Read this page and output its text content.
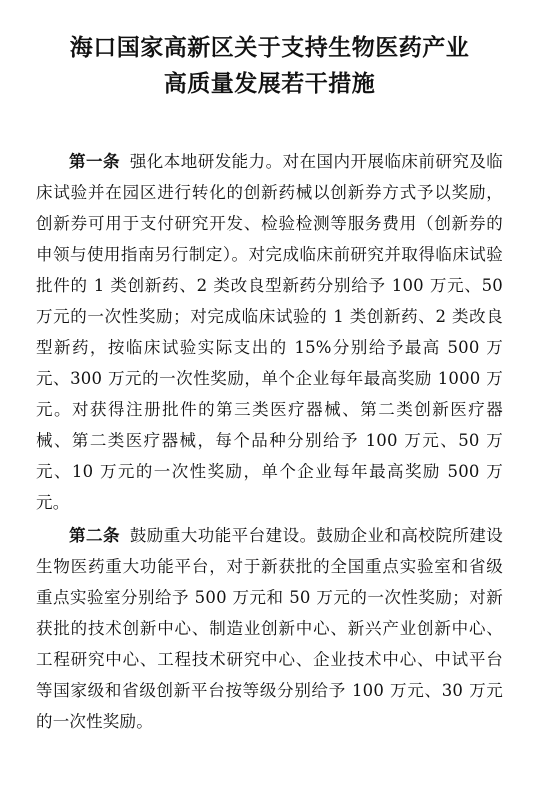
海口国家高新区关于支持生物医药产业
高质量发展若干措施

第一条 强化本地研发能力。对在国内开展临床前研究及临床试验并在园区进行转化的创新药械以创新券方式予以奖励，创新券可用于支付研究开发、检验检测等服务费用（创新券的申领与使用指南另行制定）。对完成临床前研究并取得临床试验批件的 1 类创新药、2 类改良型新药分别给予 100 万元、50 万元的一次性奖励；对完成临床试验的 1 类创新药、2 类改良型新药，按临床试验实际支出的 15%分别给予最高 500 万元、300 万元的一次性奖励，单个企业每年最高奖励 1000 万元。对获得注册批件的第三类医疗器械、第二类创新医疗器械、第二类医疗器械，每个品种分别给予 100 万元、50 万元、10 万元的一次性奖励，单个企业每年最高奖励 500 万元。

第二条 鼓励重大功能平台建设。鼓励企业和高校院所建设生物医药重大功能平台，对于新获批的全国重点实验室和省级重点实验室分别给予 500 万元和 50 万元的一次性奖励；对新获批的技术创新中心、制造业创新中心、新兴产业创新中心、工程研究中心、工程技术研究中心、企业技术中心、中试平台等国家级和省级创新平台按等级分别给予 100 万元、30 万元的一次性奖励。
